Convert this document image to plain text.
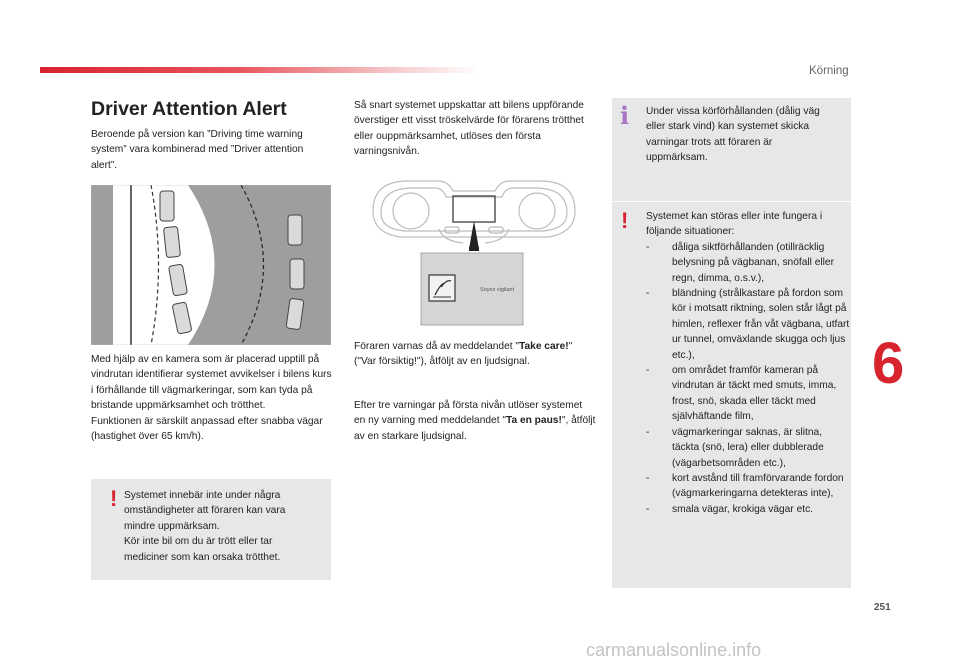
Körning
6
251
Driver Attention Alert

Beroende på version kan ”Driving time warning system” vara kombinerad med ”Driver attention alert”.

Med hjälp av en kamera som är placerad upptill på vindrutan identifierar systemet avvikelser i bilens kurs i förhållande till vägmarkeringar, som kan tyda på bristande uppmärksamhet och trötthet.
Funktionen är särskilt anpassad efter snabba vägar (hastighet över 65 km/h).

! Systemet innebär inte under några omständigheter att föraren kan vara mindre uppmärksam.
Kör inte bil om du är trött eller tar mediciner som kan orsaka trötthet.

Så snart systemet uppskattar att bilens uppförande överstiger ett visst tröskelvärde för förarens trötthet eller ouppmärksamhet, utlöses den första varningsnivån.

Soyez vigilant

Föraren varnas då av meddelandet "Take care!" ("Var försiktig!"), åtföljt av en ljudsignal.

Efter tre varningar på första nivån utlöser systemet en ny varning med meddelandet "Ta en paus!", åtföljt av en starkare ljudsignal.

i Under vissa körförhållanden (dålig väg eller stark vind) kan systemet skicka varningar trots att föraren är uppmärksam.

! Systemet kan störas eller inte fungera i följande situationer:

- dåliga siktförhållanden (otillräcklig belysning på vägbanan, snöfall eller regn, dimma, o.s.v.),
- bländning (strålkastare på fordon som kör i motsatt riktning, solen står lågt på himlen, reflexer från våt vägbana, utfart ur tunnel, omväxlande skugga och ljus etc.),
- om området framför kameran på vindrutan är täckt med smuts, imma, frost, snö, skada eller täckt med självhäftande film,
- vägmarkeringar saknas, är slitna, täckta (snö, lera) eller dubblerade (vägarbetsområden etc.),
- kort avstånd till framförvarande fordon (vägmarkeringarna detekteras inte),
- smala vägar, krokiga vägar etc.
carmanualsonline.info
